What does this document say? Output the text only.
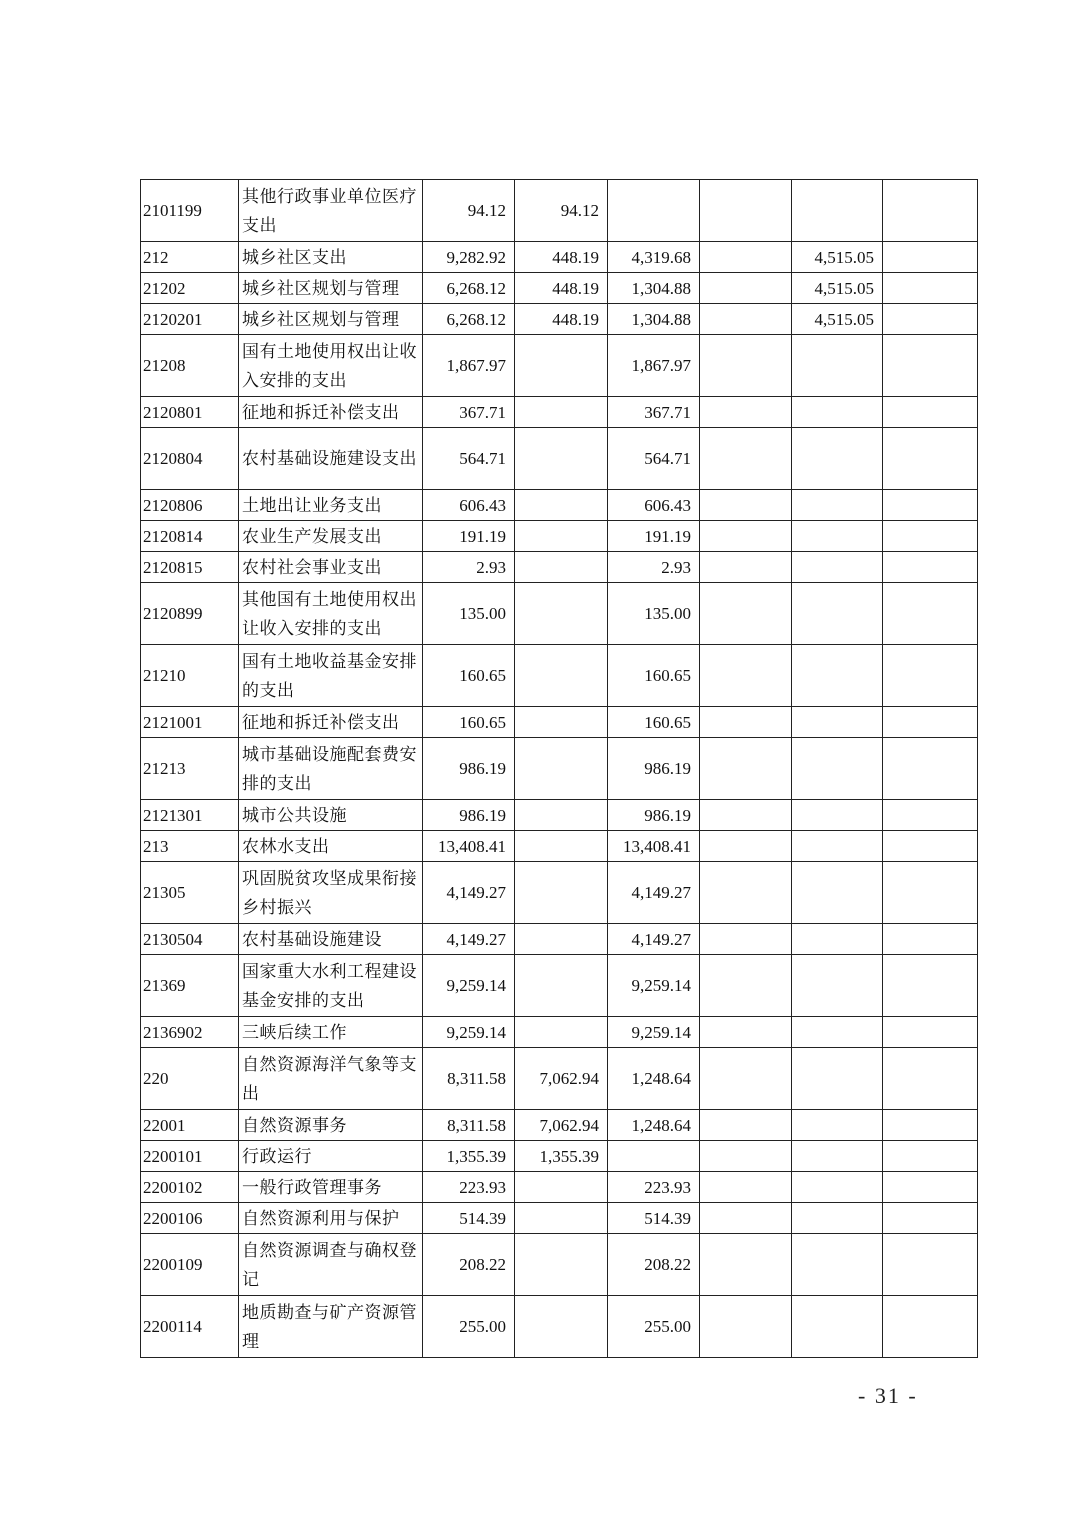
2101199	其他行政事业单位医疗支出	94.12	94.12				
212	城乡社区支出	9,282.92	448.19	4,319.68		4,515.05	
21202	城乡社区规划与管理	6,268.12	448.19	1,304.88		4,515.05	
2120201	城乡社区规划与管理	6,268.12	448.19	1,304.88		4,515.05	
21208	国有土地使用权出让收入安排的支出	1,867.97		1,867.97			
2120801	征地和拆迁补偿支出	367.71		367.71			
2120804	农村基础设施建设支出	564.71		564.71			
2120806	土地出让业务支出	606.43		606.43			
2120814	农业生产发展支出	191.19		191.19			
2120815	农村社会事业支出	2.93		2.93			
2120899	其他国有土地使用权出让收入安排的支出	135.00		135.00			
21210	国有土地收益基金安排的支出	160.65		160.65			
2121001	征地和拆迁补偿支出	160.65		160.65			
21213	城市基础设施配套费安排的支出	986.19		986.19			
2121301	城市公共设施	986.19		986.19			
213	农林水支出	13,408.41		13,408.41			
21305	巩固脱贫攻坚成果衔接乡村振兴	4,149.27		4,149.27			
2130504	农村基础设施建设	4,149.27		4,149.27			
21369	国家重大水利工程建设基金安排的支出	9,259.14		9,259.14			
2136902	三峡后续工作	9,259.14		9,259.14			
220	自然资源海洋气象等支出	8,311.58	7,062.94	1,248.64			
22001	自然资源事务	8,311.58	7,062.94	1,248.64			
2200101	行政运行	1,355.39	1,355.39				
2200102	一般行政管理事务	223.93		223.93			
2200106	自然资源利用与保护	514.39		514.39			
2200109	自然资源调查与确权登记	208.22		208.22			
2200114	地质勘查与矿产资源管理	255.00		255.00			
- 31 -
